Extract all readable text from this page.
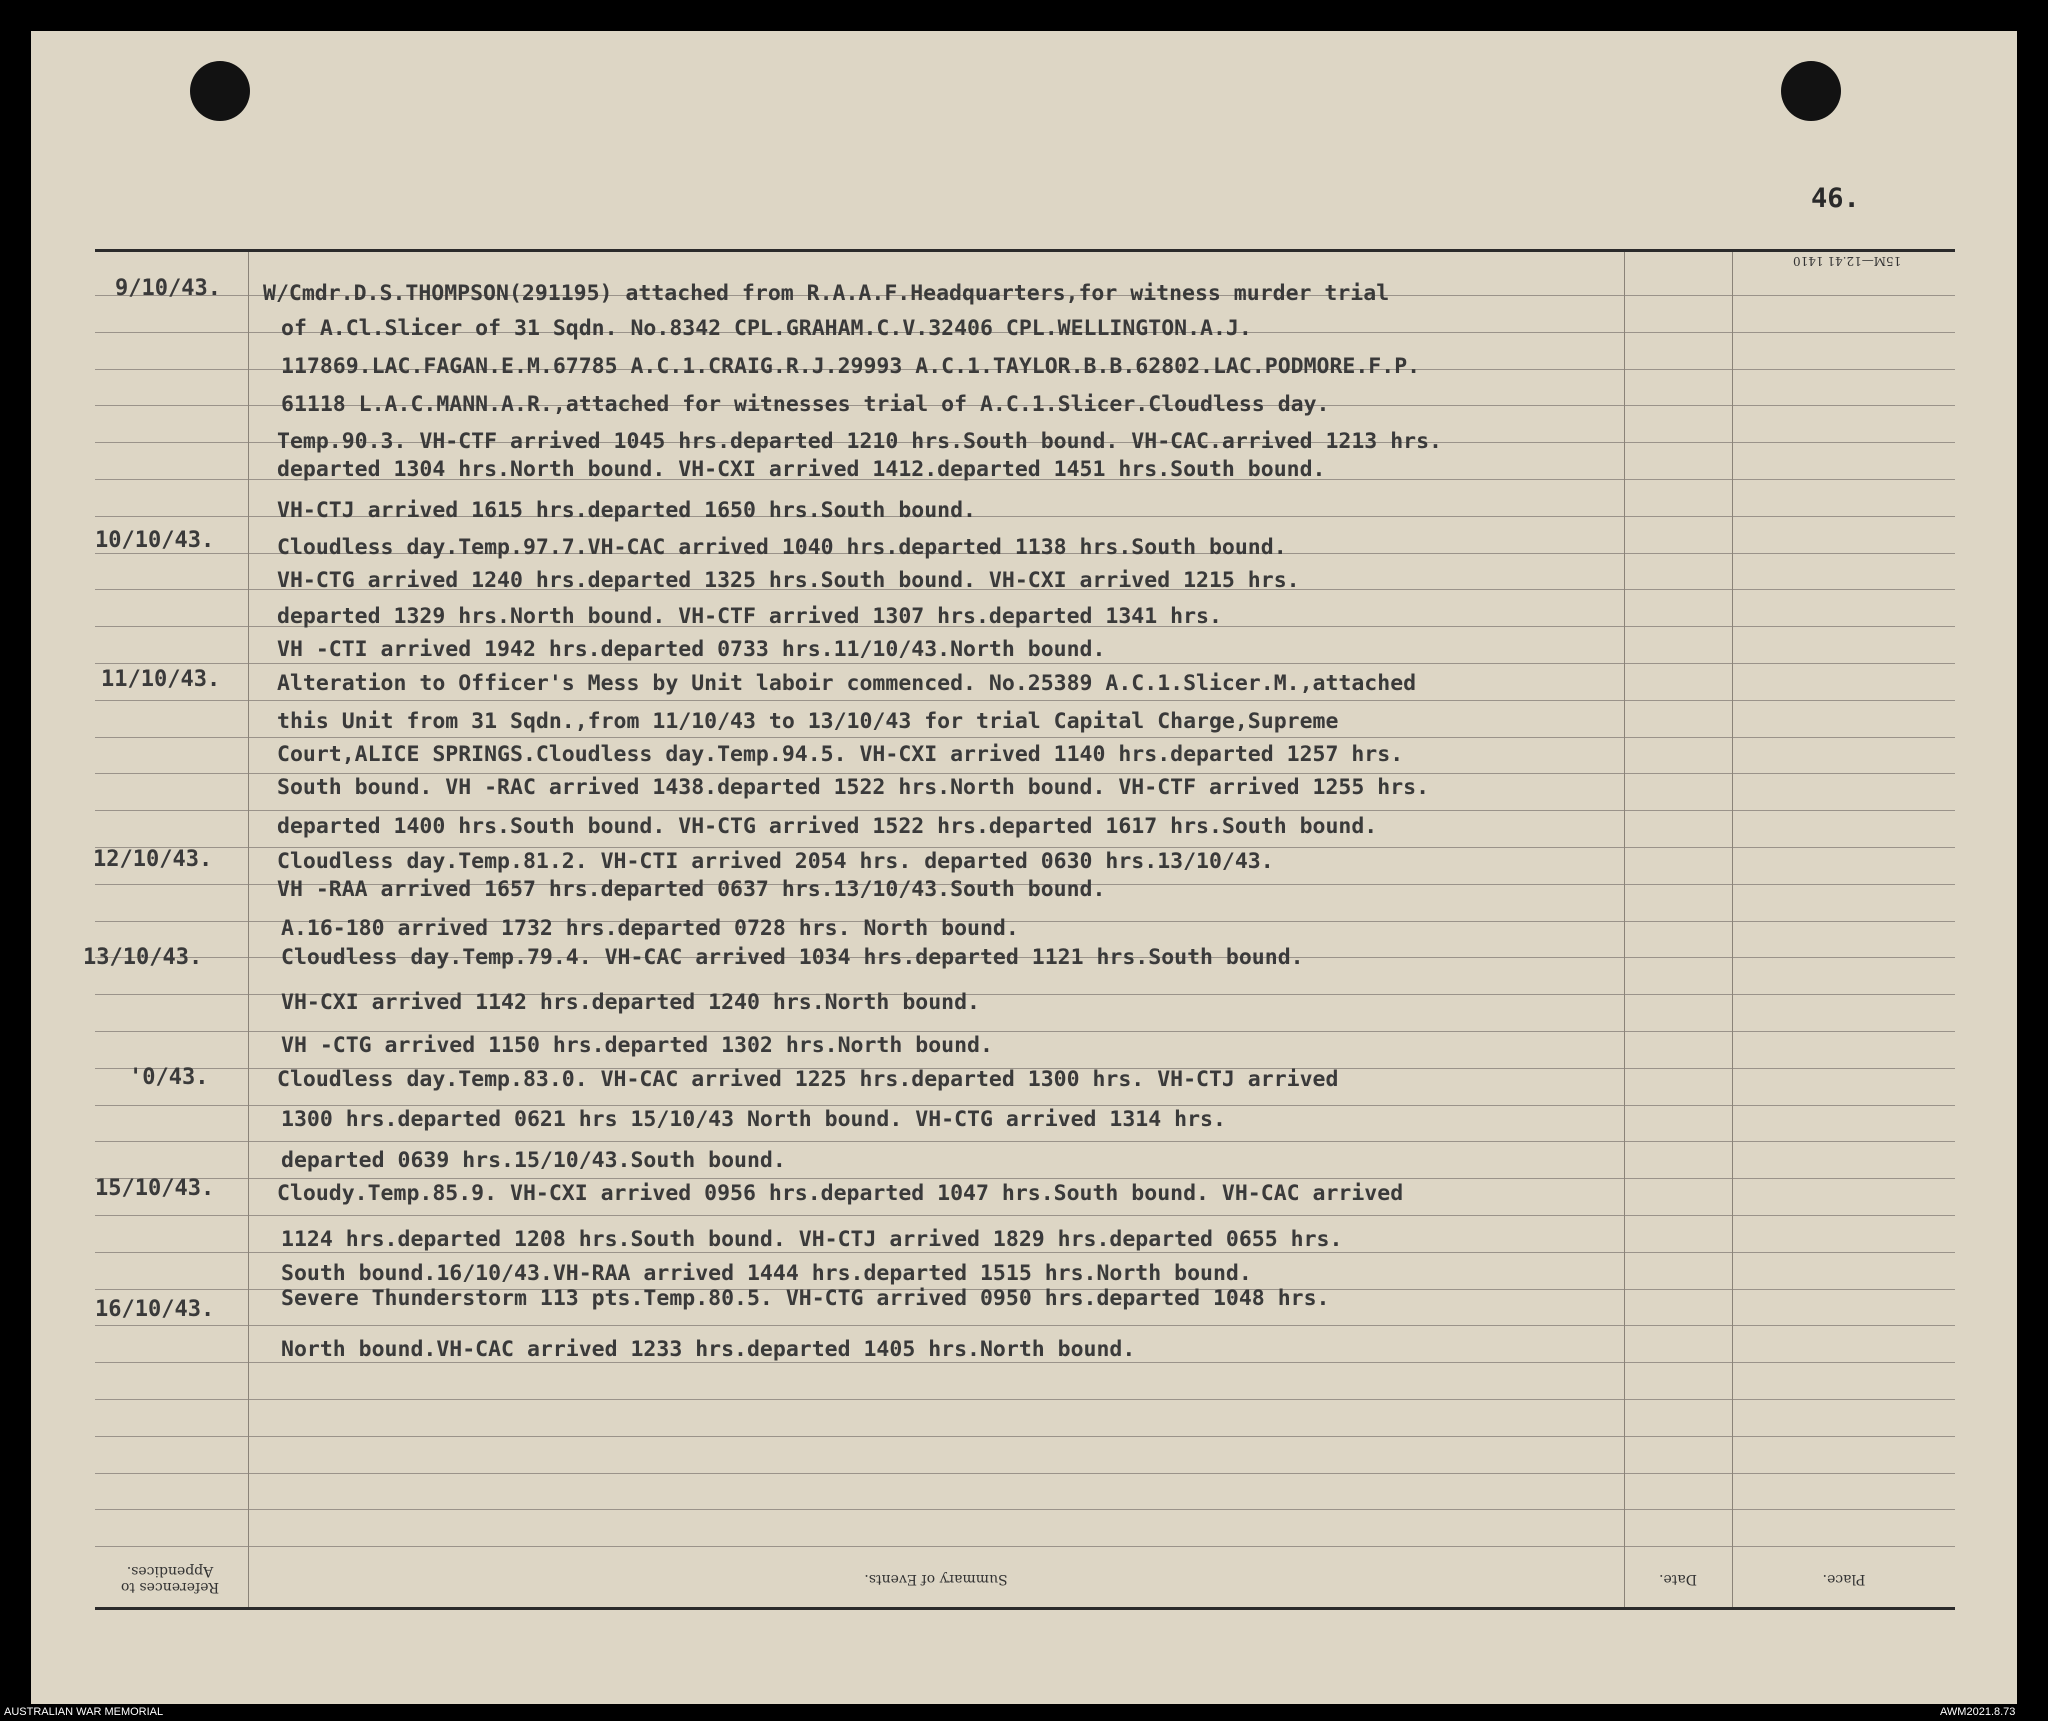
46.
15M—12.41 1410
9/10/43.	W/Cmdr.D.S.THOMPSON(291195) attached from R.A.A.F.Headquarters,for witness murder trial
of A.Cl.Slicer of 31 Sqdn. No.8342 CPL.GRAHAM.C.V.32406 CPL.WELLINGTON.A.J.
117869.LAC.FAGAN.E.M.67785 A.C.1.CRAIG.R.J.29993 A.C.1.TAYLOR.B.B.62802.LAC.PODMORE.F.P.
61118 L.A.C.MANN.A.R.,attached for witnesses trial of A.C.1.Slicer.Cloudless day.
Temp.90.3. VH-CTF arrived 1045 hrs.departed 1210 hrs.South bound. VH-CAC.arrived 1213 hrs.
departed 1304 hrs.North bound. VH-CXI arrived 1412.departed 1451 hrs.South bound.
VH-CTJ arrived 1615 hrs.departed 1650 hrs.South bound.
10/10/43.	Cloudless day.Temp.97.7.VH-CAC arrived 1040 hrs.departed 1138 hrs.South bound.
VH-CTG arrived 1240 hrs.departed 1325 hrs.South bound. VH-CXI arrived 1215 hrs.
departed 1329 hrs.North bound. VH-CTF arrived 1307 hrs.departed 1341 hrs.
VH -CTI arrived 1942 hrs.departed 0733 hrs.11/10/43.North bound.
11/10/43.	Alteration to Officer's Mess by Unit laboir commenced. No.25389 A.C.1.Slicer.M.,attached
this Unit from 31 Sqdn.,from 11/10/43 to 13/10/43 for trial Capital Charge,Supreme
Court,ALICE SPRINGS.Cloudless day.Temp.94.5. VH-CXI arrived 1140 hrs.departed 1257 hrs.
South bound. VH -RAC arrived 1438.departed 1522 hrs.North bound. VH-CTF arrived 1255 hrs.
departed 1400 hrs.South bound. VH-CTG arrived 1522 hrs.departed 1617 hrs.South bound.
12/10/43.	Cloudless day.Temp.81.2. VH-CTI arrived 2054 hrs. departed 0630 hrs.13/10/43.
VH -RAA arrived 1657 hrs.departed 0637 hrs.13/10/43.South bound.
A.16-180 arrived 1732 hrs.departed 0728 hrs. North bound.
13/10/43.	Cloudless day.Temp.79.4. VH-CAC arrived 1034 hrs.departed 1121 hrs.South bound.
VH-CXI arrived 1142 hrs.departed 1240 hrs.North bound.
VH -CTG arrived 1150 hrs.departed 1302 hrs.North bound.
'0/43.	Cloudless day.Temp.83.0. VH-CAC arrived 1225 hrs.departed 1300 hrs. VH-CTJ arrived
1300 hrs.departed 0621 hrs 15/10/43 North bound. VH-CTG arrived 1314 hrs.
departed 0639 hrs.15/10/43.South bound.
15/10/43.	Cloudy.Temp.85.9. VH-CXI arrived 0956 hrs.departed 1047 hrs.South bound. VH-CAC arrived
1124 hrs.departed 1208 hrs.South bound. VH-CTJ arrived 1829 hrs.departed 0655 hrs.
South bound.16/10/43.VH-RAA arrived 1444 hrs.departed 1515 hrs.North bound.
16/10/43.	Severe Thunderstorm 113 pts.Temp.80.5. VH-CTG arrived 0950 hrs.departed 1048 hrs.
North bound.VH-CAC arrived 1233 hrs.departed 1405 hrs.North bound.
References to Appendices.	Summary of Events.	Date.	Place.
AUSTRALIAN WAR MEMORIAL	AWM2021.8.73
